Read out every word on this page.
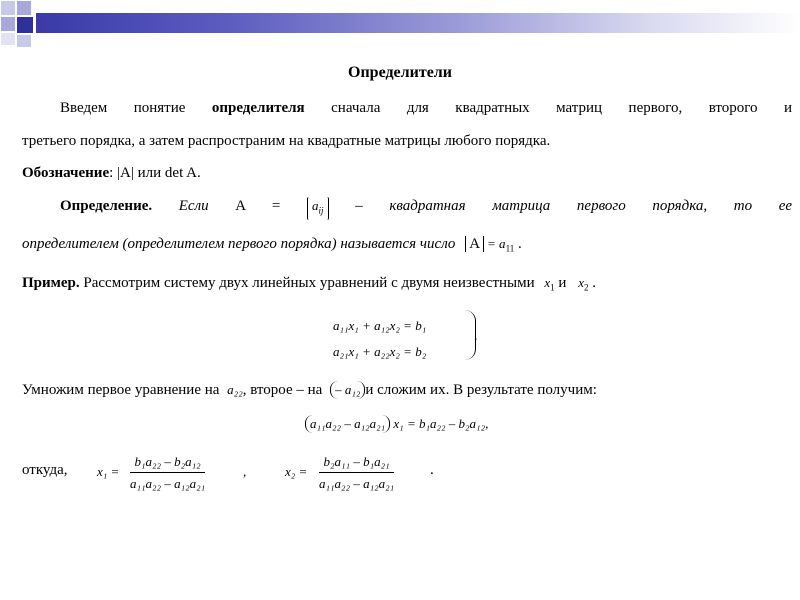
Определители
Введем понятие определителя сначала для квадратных матриц первого, второго и
третьего порядка, а затем распространим на квадратные матрицы любого порядка.
Обозначение: |A| или det A.
Определение. Если $A = a_{ij}$ – квадратная матрица первого порядка, то ее
определителем (определителем первого порядка) называется число $A = a_{11}$ .
Пример. Рассмотрим систему двух линейных уравнений с двумя неизвестными $x_1$ и $x_2$ .
a₁₁x₁ + a₁₂x₂ = b₁
a₂₁x₁ + a₂₂x₂ = b₂
.
Умножим первое уравнение на a₂₂, второе – на – a₁₂ и сложим их. В результате получим:
a₁₁a₂₂ – a₁₂a₂₁ x₁ = b₁a₂₂ – b₂a₁₂,
откуда, $x_1 = \frac{\text{b₁a₂₂ – b₂a₁₂}}{\text{a₁₁a₂₂ – a₁₂a₂₁}}$	,	$x_2 = \frac{\text{b₂a₁₁ – b₁a₂₁}}{\text{a₁₁a₂₂ – a₁₂a₂₁}}$ .
